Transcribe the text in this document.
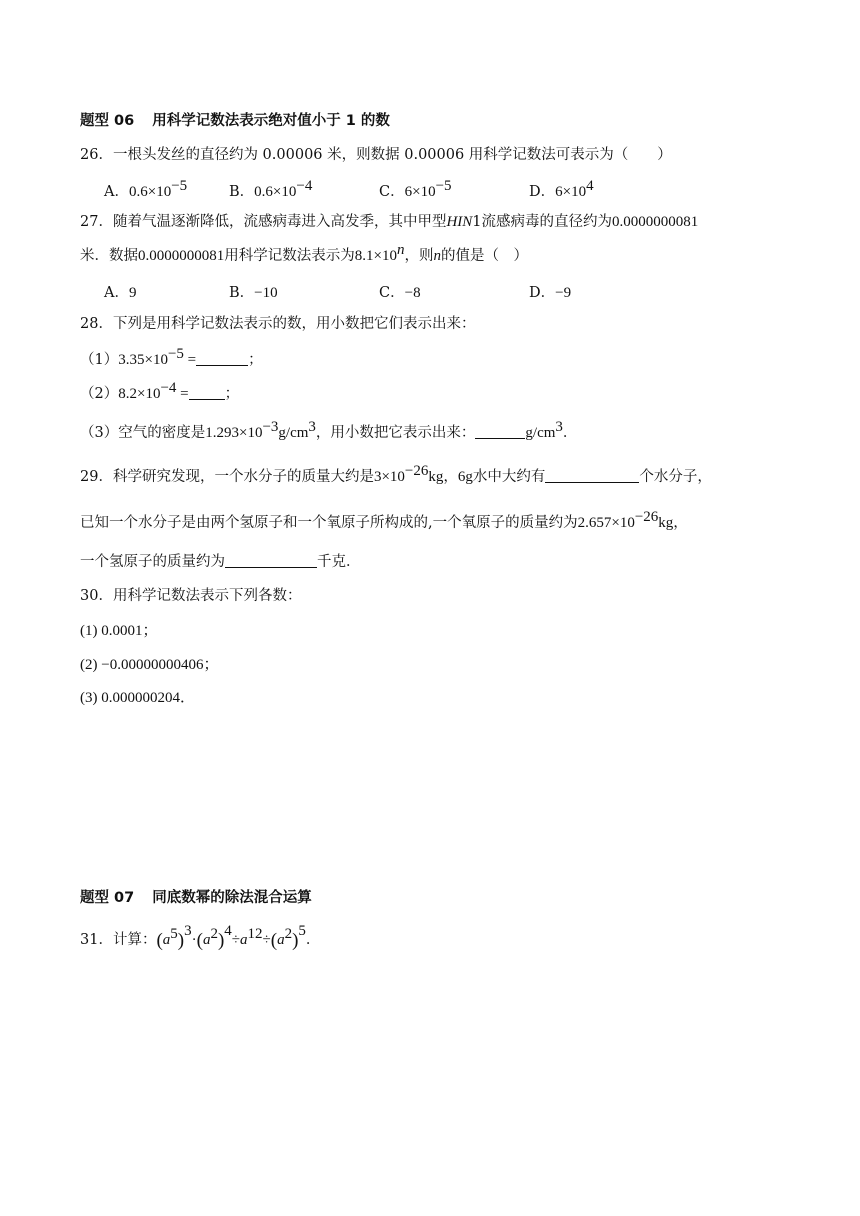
题型 06 用科学记数法表示绝对值小于 1 的数
26．一根头发丝的直径约为 0.00006 米，则数据 0.00006 用科学记数法可表示为（　　）
A．$0.6\times 10^{-5}$	B．$0.6\times 10^{-4}$	C．$6\times 10^{-5}$	D．$6\times 10^4$
27．随着气温逐渐降低，流感病毒进入高发季，其中甲型HIN1流感病毒的直径约为0.0000000081
米．数据0.0000000081用科学记数法表示为$8.1\times 10^n$，则n的值是（　）
A．9	B．−10	C．−8	D．−9
28．下列是用科学记数法表示的数，用小数把它们表示出来：
$(1)3.35\times 10^{-5}$ =	；
$(2)8.2\times 10^{-4}$ = ；
（3）空气的密度是$1.293\times 10^{-3}g/cm^3$，用小数把它表示出来：	$g/cm^3$．
29．科学研究发现，一个水分子的质量大约是$3\times 10^{-26}kg$，6g水中大约有	个水分子，
已知一个水分子是由两个氢原子和一个氧原子所构成的,一个氧原子的质量约为$2.657\times 10^{-26}kg$，
一个氢原子的质量约为	千克．
30．用科学记数法表示下列各数：
(1) 0.0001；
(2) −0.00000000406；
(3) 0.000000204．
题型 07 同底数幂的除法混合运算
31．计算：$(a^5)^3\cdot(a^2)^4\div a^{12}\div(a^2)^5$．
